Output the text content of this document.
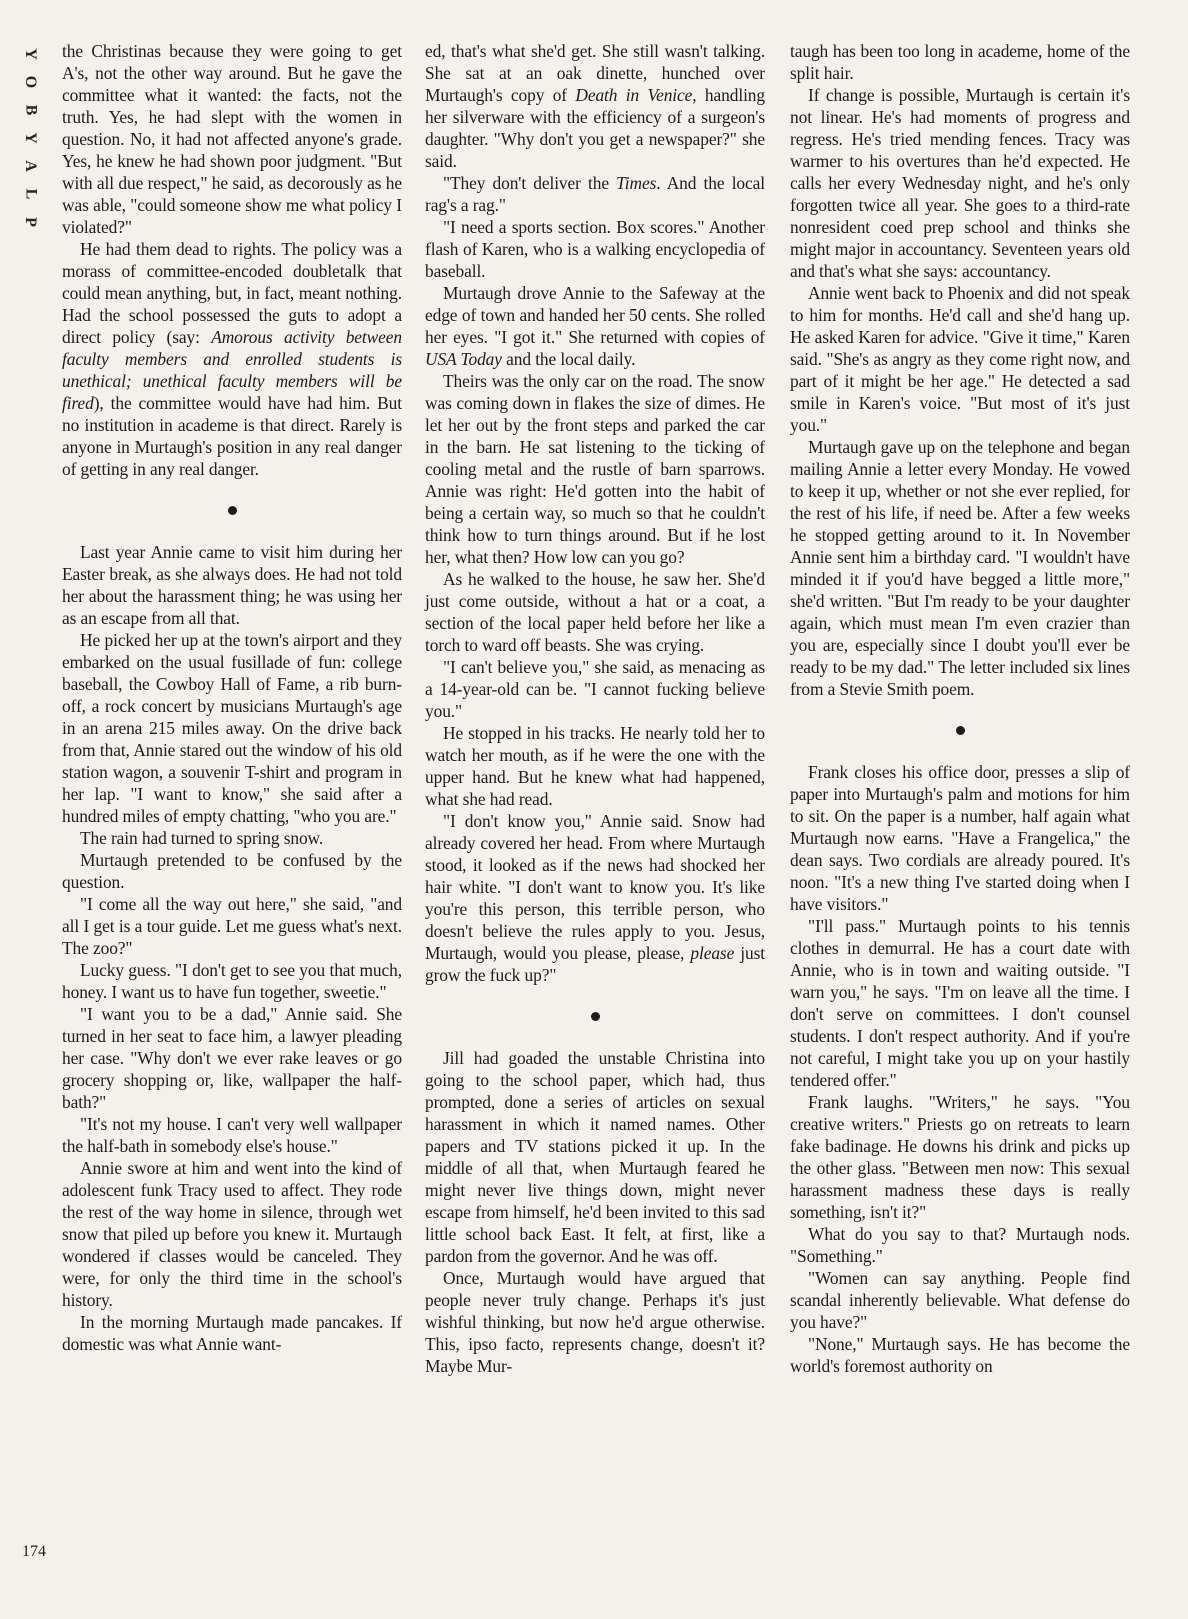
Y
O
B
Y
A
L
P
174

the Christinas because they were going to get A's, not the other way around. But he gave the committee what it wanted: the facts, not the truth. Yes, he had slept with the women in question. No, it had not affected anyone's grade. Yes, he knew he had shown poor judgment. "But with all due respect," he said, as decorously as he was able, "could someone show me what policy I violated?"

He had them dead to rights. The policy was a morass of committee-encoded doubletalk that could mean anything, but, in fact, meant nothing. Had the school possessed the guts to adopt a direct policy (say: Amorous activity between faculty members and enrolled students is unethical; unethical faculty members will be fired), the committee would have had him. But no institution in academe is that direct. Rarely is anyone in Murtaugh's position in any real danger of getting in any real danger.

Last year Annie came to visit him during her Easter break, as she always does. He had not told her about the harassment thing; he was using her as an escape from all that.

He picked her up at the town's airport and they embarked on the usual fusillade of fun: college baseball, the Cowboy Hall of Fame, a rib burn-off, a rock concert by musicians Murtaugh's age in an arena 215 miles away. On the drive back from that, Annie stared out the window of his old station wagon, a souvenir T-shirt and program in her lap. "I want to know," she said after a hundred miles of empty chatting, "who you are."

The rain had turned to spring snow.

Murtaugh pretended to be confused by the question.

"I come all the way out here," she said, "and all I get is a tour guide. Let me guess what's next. The zoo?"

Lucky guess. "I don't get to see you that much, honey. I want us to have fun together, sweetie."

"I want you to be a dad," Annie said. She turned in her seat to face him, a lawyer pleading her case. "Why don't we ever rake leaves or go grocery shopping or, like, wallpaper the half-bath?"

"It's not my house. I can't very well wallpaper the half-bath in somebody else's house."

Annie swore at him and went into the kind of adolescent funk Tracy used to affect. They rode the rest of the way home in silence, through wet snow that piled up before you knew it. Murtaugh wondered if classes would be canceled. They were, for only the third time in the school's history.

In the morning Murtaugh made pancakes. If domestic was what Annie want-

ed, that's what she'd get. She still wasn't talking. She sat at an oak dinette, hunched over Murtaugh's copy of Death in Venice, handling her silverware with the efficiency of a surgeon's daughter. "Why don't you get a newspaper?" she said.

"They don't deliver the Times. And the local rag's a rag."

"I need a sports section. Box scores." Another flash of Karen, who is a walking encyclopedia of baseball.

Murtaugh drove Annie to the Safeway at the edge of town and handed her 50 cents. She rolled her eyes. "I got it." She returned with copies of USA Today and the local daily.

Theirs was the only car on the road. The snow was coming down in flakes the size of dimes. He let her out by the front steps and parked the car in the barn. He sat listening to the ticking of cooling metal and the rustle of barn sparrows. Annie was right: He'd gotten into the habit of being a certain way, so much so that he couldn't think how to turn things around. But if he lost her, what then? How low can you go?

As he walked to the house, he saw her. She'd just come outside, without a hat or a coat, a section of the local paper held before her like a torch to ward off beasts. She was crying.

"I can't believe you," she said, as menacing as a 14-year-old can be. "I cannot fucking believe you."

He stopped in his tracks. He nearly told her to watch her mouth, as if he were the one with the upper hand. But he knew what had happened, what she had read.

"I don't know you," Annie said. Snow had already covered her head. From where Murtaugh stood, it looked as if the news had shocked her hair white. "I don't want to know you. It's like you're this person, this terrible person, who doesn't believe the rules apply to you. Jesus, Murtaugh, would you please, please, please just grow the fuck up?"

Jill had goaded the unstable Christina into going to the school paper, which had, thus prompted, done a series of articles on sexual harassment in which it named names. Other papers and TV stations picked it up. In the middle of all that, when Murtaugh feared he might never live things down, might never escape from himself, he'd been invited to this sad little school back East. It felt, at first, like a pardon from the governor. And he was off.

Once, Murtaugh would have argued that people never truly change. Perhaps it's just wishful thinking, but now he'd argue otherwise. This, ipso facto, represents change, doesn't it? Maybe Mur-

taugh has been too long in academe, home of the split hair.

If change is possible, Murtaugh is certain it's not linear. He's had moments of progress and regress. He's tried mending fences. Tracy was warmer to his overtures than he'd expected. He calls her every Wednesday night, and he's only forgotten twice all year. She goes to a third-rate nonresident coed prep school and thinks she might major in accountancy. Seventeen years old and that's what she says: accountancy.

Annie went back to Phoenix and did not speak to him for months. He'd call and she'd hang up. He asked Karen for advice. "Give it time," Karen said. "She's as angry as they come right now, and part of it might be her age." He detected a sad smile in Karen's voice. "But most of it's just you."

Murtaugh gave up on the telephone and began mailing Annie a letter every Monday. He vowed to keep it up, whether or not she ever replied, for the rest of his life, if need be. After a few weeks he stopped getting around to it. In November Annie sent him a birthday card. "I wouldn't have minded it if you'd have begged a little more," she'd written. "But I'm ready to be your daughter again, which must mean I'm even crazier than you are, especially since I doubt you'll ever be ready to be my dad." The letter included six lines from a Stevie Smith poem.

Frank closes his office door, presses a slip of paper into Murtaugh's palm and motions for him to sit. On the paper is a number, half again what Murtaugh now earns. "Have a Frangelica," the dean says. Two cordials are already poured. It's noon. "It's a new thing I've started doing when I have visitors."

"I'll pass." Murtaugh points to his tennis clothes in demurral. He has a court date with Annie, who is in town and waiting outside. "I warn you," he says. "I'm on leave all the time. I don't serve on committees. I don't counsel students. I don't respect authority. And if you're not careful, I might take you up on your hastily tendered offer."

Frank laughs. "Writers," he says. "You creative writers." Priests go on retreats to learn fake badinage. He downs his drink and picks up the other glass. "Between men now: This sexual harassment madness these days is really something, isn't it?"

What do you say to that? Murtaugh nods. "Something."

"Women can say anything. People find scandal inherently believable. What defense do you have?"

"None," Murtaugh says. He has become the world's foremost authority on
